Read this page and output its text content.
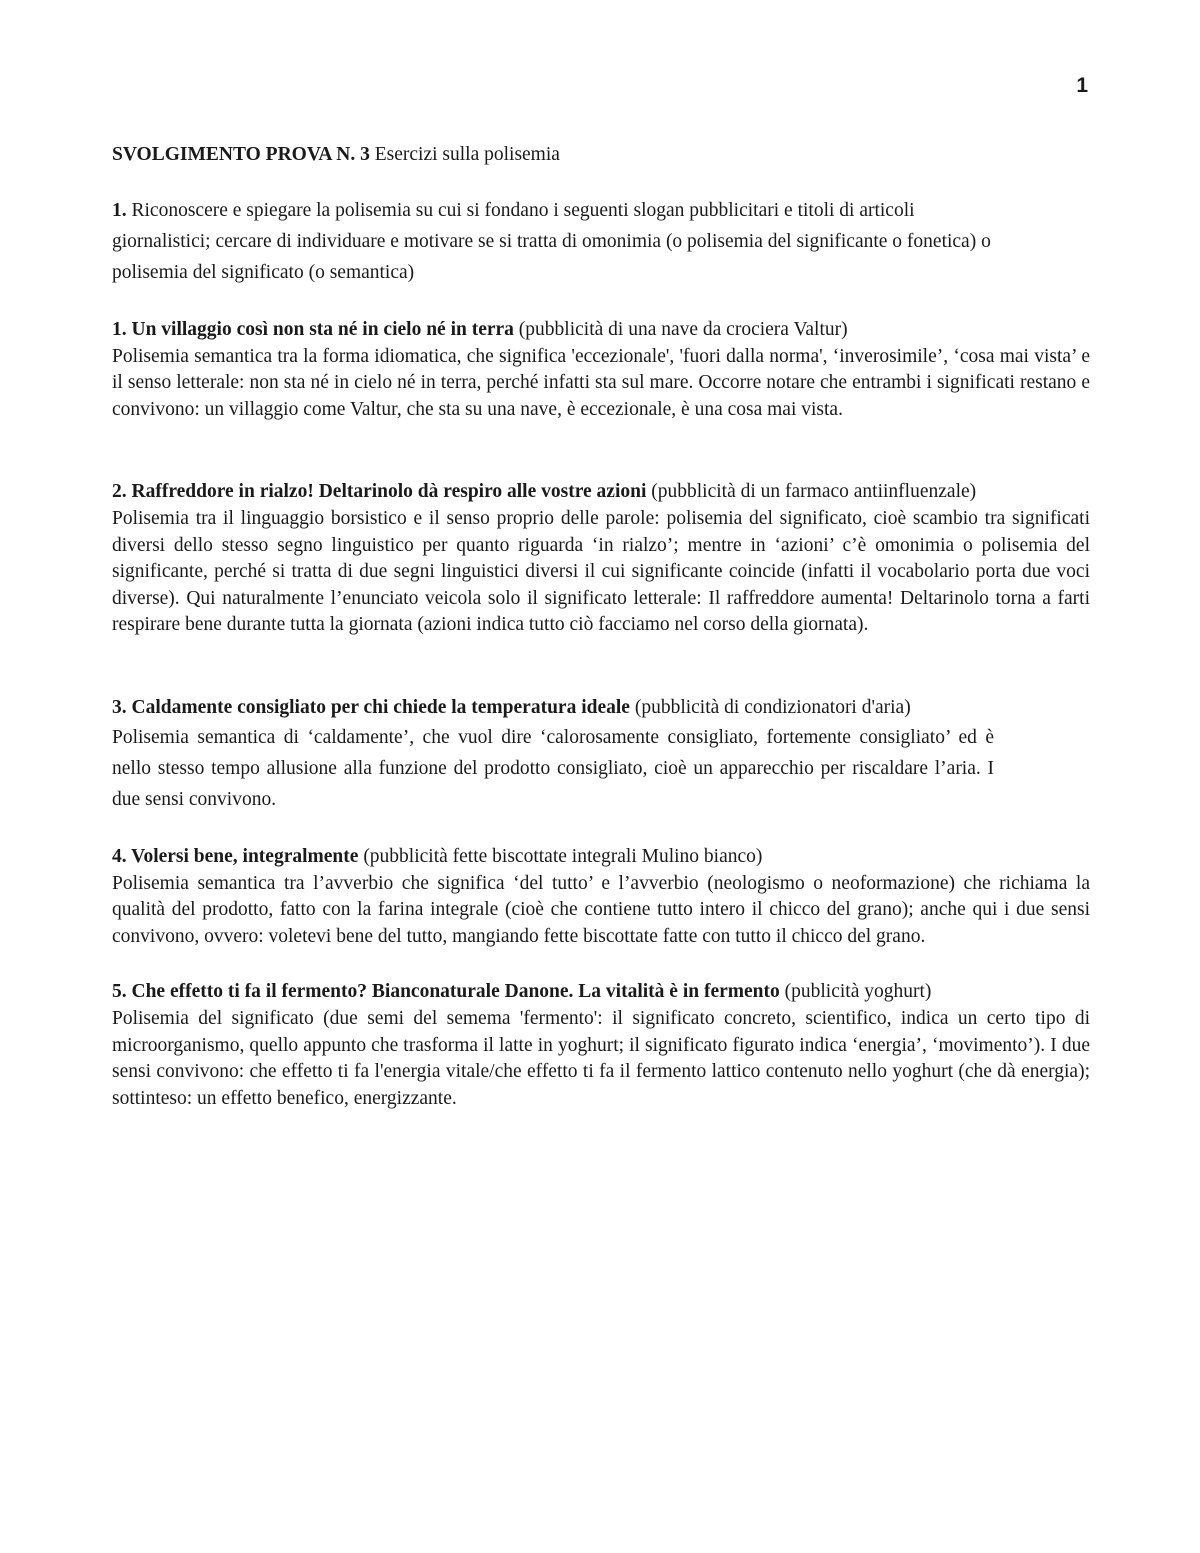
1

SVOLGIMENTO PROVA N. 3 Esercizi sulla polisemia

1. Riconoscere e spiegare la polisemia su cui si fondano i seguenti slogan pubblicitari e titoli di articoli giornalistici; cercare di individuare e motivare se si tratta di omonimia (o polisemia del significante o fonetica) o polisemia del significato (o semantica)

1. Un villaggio così non sta né in cielo né in terra (pubblicità di una nave da crociera Valtur)

Polisemia semantica tra la forma idiomatica, che significa 'eccezionale', 'fuori dalla norma', ‘inverosimile’, ‘cosa mai vista’ e il senso letterale: non sta né in cielo né in terra, perché infatti sta sul mare. Occorre notare che entrambi i significati restano e convivono: un villaggio come Valtur, che sta su una nave, è eccezionale, è una cosa mai vista.

2. Raffreddore in rialzo! Deltarinolo dà respiro alle vostre azioni (pubblicità di un farmaco antiinfluenzale)

Polisemia tra il linguaggio borsistico e il senso proprio delle parole: polisemia del significato, cioè scambio tra significati diversi dello stesso segno linguistico per quanto riguarda ‘in rialzo’; mentre in ‘azioni’ c’è omonimia o polisemia del significante, perché si tratta di due segni linguistici diversi il cui significante coincide (infatti il vocabolario porta due voci diverse). Qui naturalmente l’enunciato veicola solo il significato letterale: Il raffreddore aumenta! Deltarinolo torna a farti respirare bene durante tutta la giornata (azioni indica tutto ciò facciamo nel corso della giornata).

3. Caldamente consigliato per chi chiede la temperatura ideale (pubblicità di condizionatori d'aria)

Polisemia semantica di ‘caldamente’, che vuol dire ‘calorosamente consigliato, fortemente consigliato’ ed è nello stesso tempo allusione alla funzione del prodotto consigliato, cioè un apparecchio per riscaldare l’aria. I due sensi convivono.

4. Volersi bene, integralmente (pubblicità fette biscottate integrali Mulino bianco)

Polisemia semantica tra l’avverbio che significa ‘del tutto’ e l’avverbio (neologismo o neoformazione) che richiama la qualità del prodotto, fatto con la farina integrale (cioè che contiene tutto intero il chicco del grano); anche qui i due sensi convivono, ovvero: voletevi bene del tutto, mangiando fette biscottate fatte con tutto il chicco del grano.

5. Che effetto ti fa il fermento? Bianconaturale Danone. La vitalità è in fermento (publicità yoghurt)

Polisemia del significato (due semi del semema 'fermento': il significato concreto, scientifico, indica un certo tipo di microorganismo, quello appunto che trasforma il latte in yoghurt; il significato figurato indica ‘energia’, ‘movimento’). I due sensi convivono: che effetto ti fa l'energia vitale/che effetto ti fa il fermento lattico contenuto nello yoghurt (che dà energia); sottinteso: un effetto benefico, energizzante.
